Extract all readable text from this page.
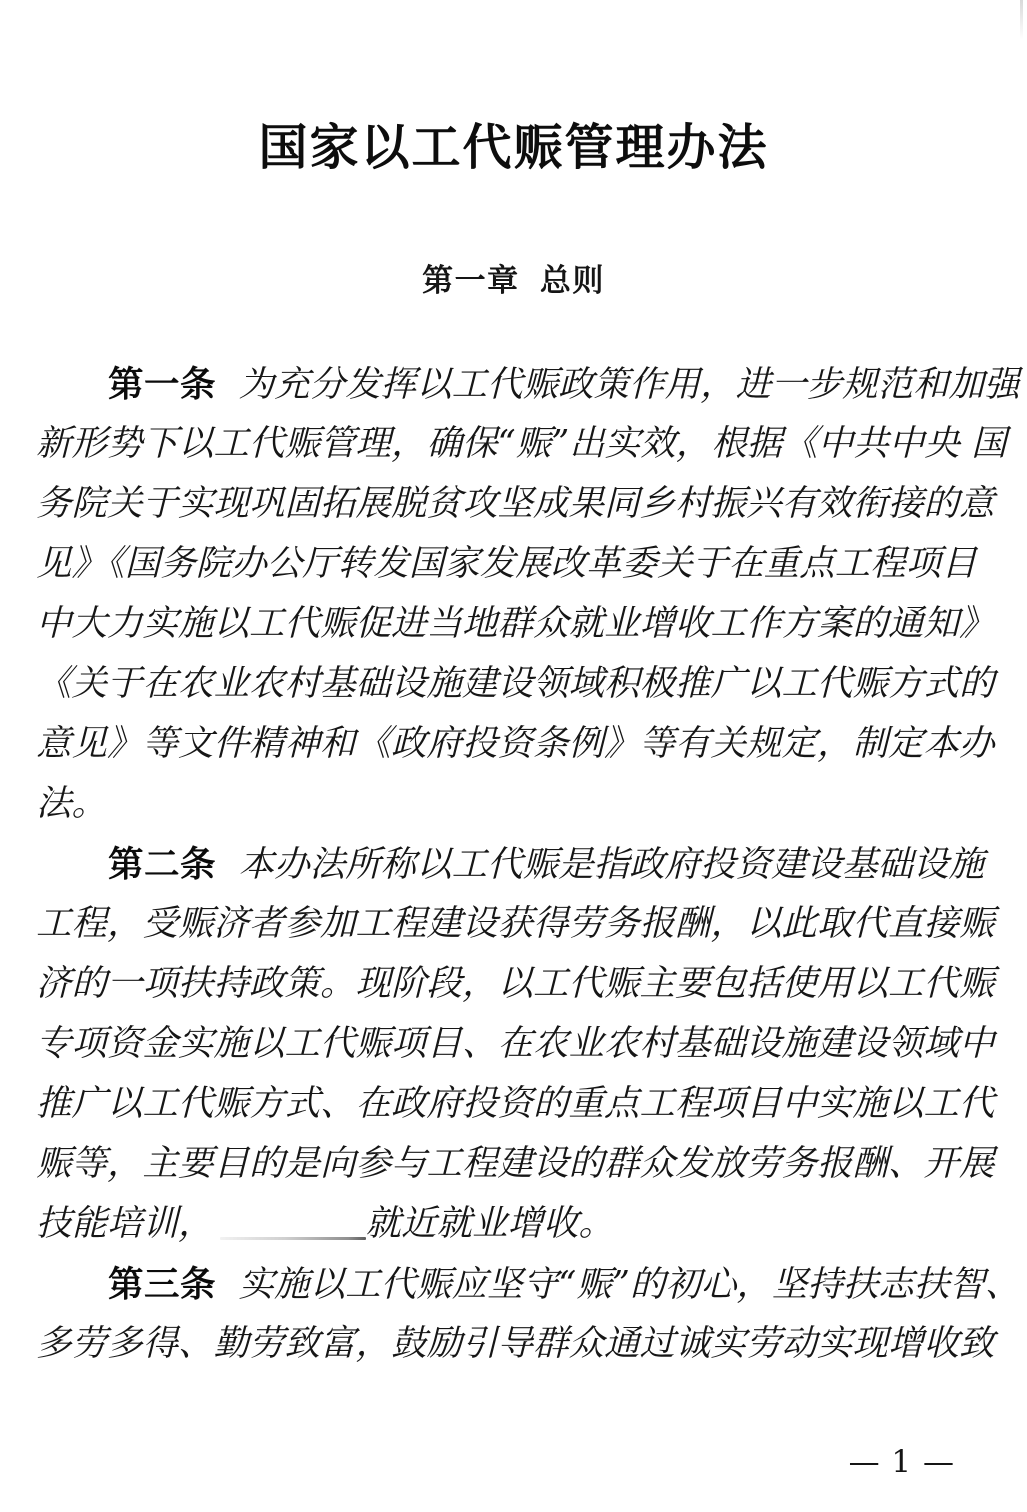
国家以工代赈管理办法
第一章  总则
第一条 为充分发挥以工代赈政策作用，进一步规范和加强
新形势下以工代赈管理，确保“赈”出实效，根据《中共中央 国
务院关于实现巩固拓展脱贫攻坚成果同乡村振兴有效衔接的意
见》《国务院办公厅转发国家发展改革委关于在重点工程项目
中大力实施以工代赈促进当地群众就业增收工作方案的通知》
《关于在农业农村基础设施建设领域积极推广以工代赈方式的
意见》等文件精神和《政府投资条例》等有关规定，制定本办
法。
第二条 本办法所称以工代赈是指政府投资建设基础设施
工程，受赈济者参加工程建设获得劳务报酬，以此取代直接赈
济的一项扶持政策。现阶段，以工代赈主要包括使用以工代赈
专项资金实施以工代赈项目、在农业农村基础设施建设领域中
推广以工代赈方式、在政府投资的重点工程项目中实施以工代
赈等，主要目的是向参与工程建设的群众发放劳务报酬、开展
技能培训，	就近就业增收。
第三条 实施以工代赈应坚守“赈”的初心，坚持扶志扶智、
多劳多得、勤劳致富，鼓励引导群众通过诚实劳动实现增收致
— 1 —
